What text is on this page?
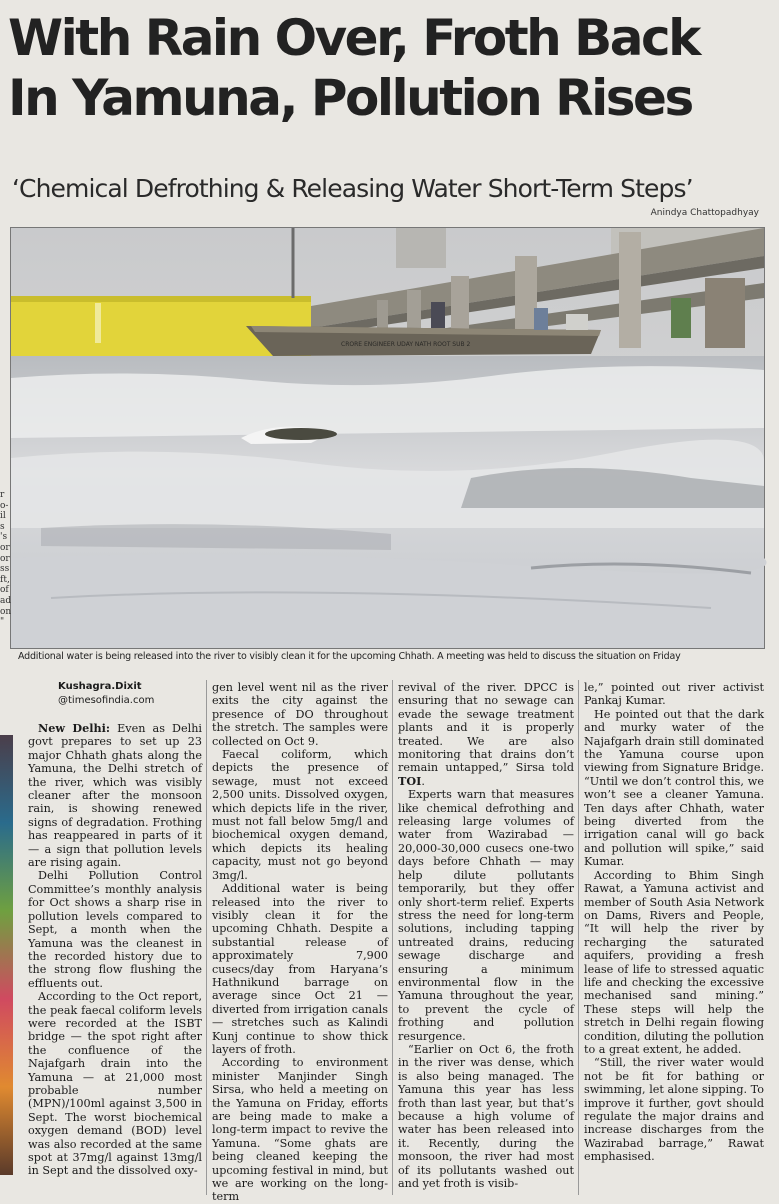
With Rain Over, Froth Back
In Yamuna, Pollution Rises
‘Chemical Defrothing & Releasing Water Short-Term Steps’
Anindya Chattopadhyay
CRORE ENGINEER UDAY NATH ROOT SUB 2
Additional water is being released into the river to visibly clean it for the upcoming Chhath. A meeting was held to discuss the situation on Friday
r
o-
il
s
's
or
or
ss
ft,
of
ad
on
"
Kushagra.Dixit
@timesofindia.com

New Delhi: Even as Delhi govt prepares to set up 23 major Chhath ghats along the Yamuna, the Delhi stretch of the river, which was visibly cleaner after the monsoon rain, is showing renewed signs of degradation. Frothing has reappeared in parts of it — a sign that pollution levels are rising again.

Delhi Pollution Control Committee’s monthly analysis for Oct shows a sharp rise in pollution levels compared to Sept, a month when the Yamuna was the cleanest in the recorded history due to the strong flow flushing the effluents out.

According to the Oct report, the peak faecal coliform levels were recorded at the ISBT bridge — the spot right after the confluence of the Najafgarh drain into the Yamuna — at 21,000 most probable number (MPN)/100ml against 3,500 in Sept. The worst biochemical oxygen demand (BOD) level was also recorded at the same spot at 37mg/l against 13mg/l in Sept and the dissolved oxy-

gen level went nil as the river exits the city against the presence of DO throughout the stretch. The samples were collected on Oct 9.

Faecal coliform, which depicts the presence of sewage, must not exceed 2,500 units. Dissolved oxygen, which depicts life in the river, must not fall below 5mg/l and biochemical oxygen demand, which depicts its healing capacity, must not go beyond 3mg/l.

Additional water is being released into the river to visibly clean it for the upcoming Chhath. Despite a substantial release of approximately 7,900 cusecs/day from Haryana’s Hathnikund barrage on average since Oct 21 — diverted from irrigation canals — stretches such as Kalindi Kunj continue to show thick layers of froth.

According to environment minister Manjinder Singh Sirsa, who held a meeting on the Yamuna on Friday, efforts are being made to make a long-term impact to revive the Yamuna. “Some ghats are being cleaned keeping the upcoming festival in mind, but we are working on the long-term

revival of the river. DPCC is ensuring that no sewage can evade the sewage treatment plants and it is properly treated. We are also monitoring that drains don’t remain untapped,” Sirsa told TOI.

Experts warn that measures like chemical defrothing and releasing large volumes of water from Wazirabad — 20,000-30,000 cusecs one-two days before Chhath — may help dilute pollutants temporarily, but they offer only short-term relief. Experts stress the need for long-term solutions, including tapping untreated drains, reducing sewage discharge and ensuring a minimum environmental flow in the Yamuna throughout the year, to prevent the cycle of frothing and pollution resurgence.

“Earlier on Oct 6, the froth in the river was dense, which is also being managed. The Yamuna this year has less froth than last year, but that’s because a high volume of water has been released into it. Recently, during the monsoon, the river had most of its pollutants washed out and yet froth is visib-

le,” pointed out river activist Pankaj Kumar.

He pointed out that the dark and murky water of the Najafgarh drain still dominated the Yamuna course upon viewing from Signature Bridge. “Until we don’t control this, we won’t see a cleaner Yamuna. Ten days after Chhath, water being diverted from the irrigation canal will go back and pollution will spike,” said Kumar.

According to Bhim Singh Rawat, a Yamuna activist and member of South Asia Network on Dams, Rivers and People, “It will help the river by recharging the saturated aquifers, providing a fresh lease of life to stressed aquatic life and checking the excessive mechanised sand mining.” These steps will help the stretch in Delhi regain flowing condition, diluting the pollution to a great extent, he added.

“Still, the river water would not be fit for bathing or swimming, let alone sipping. To improve it further, govt should regulate the major drains and increase discharges from the Wazirabad barrage,” Rawat emphasised.
